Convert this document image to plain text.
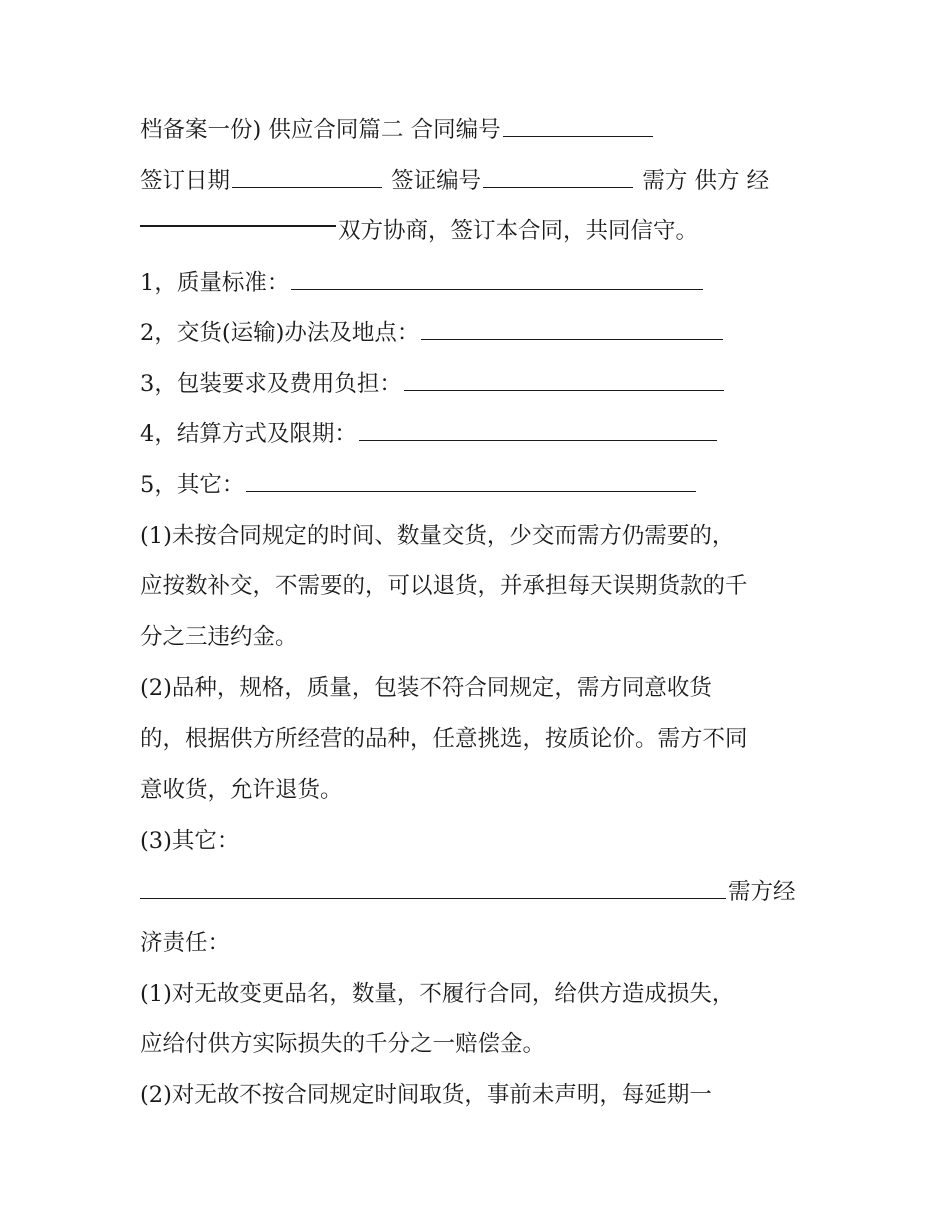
档备案一份) 供应合同篇二 合同编号
签订日期	签证编号	需方 供方 经
双方协商，签订本合同，共同信守。
1，质量标准：
2，交货(运输)办法及地点：
3，包装要求及费用负担：
4，结算方式及限期：
5，其它：
(1)未按合同规定的时间、数量交货，少交而需方仍需要的，
应按数补交，不需要的，可以退货，并承担每天误期货款的千
分之三违约金。
(2)品种，规格，质量，包装不符合同规定，需方同意收货
的，根据供方所经营的品种，任意挑选，按质论价。需方不同
意收货，允许退货。
(3)其它：
需方经
济责任：
(1)对无故变更品名，数量，不履行合同，给供方造成损失，
应给付供方实际损失的千分之一赔偿金。
(2)对无故不按合同规定时间取货，事前未声明，每延期一
